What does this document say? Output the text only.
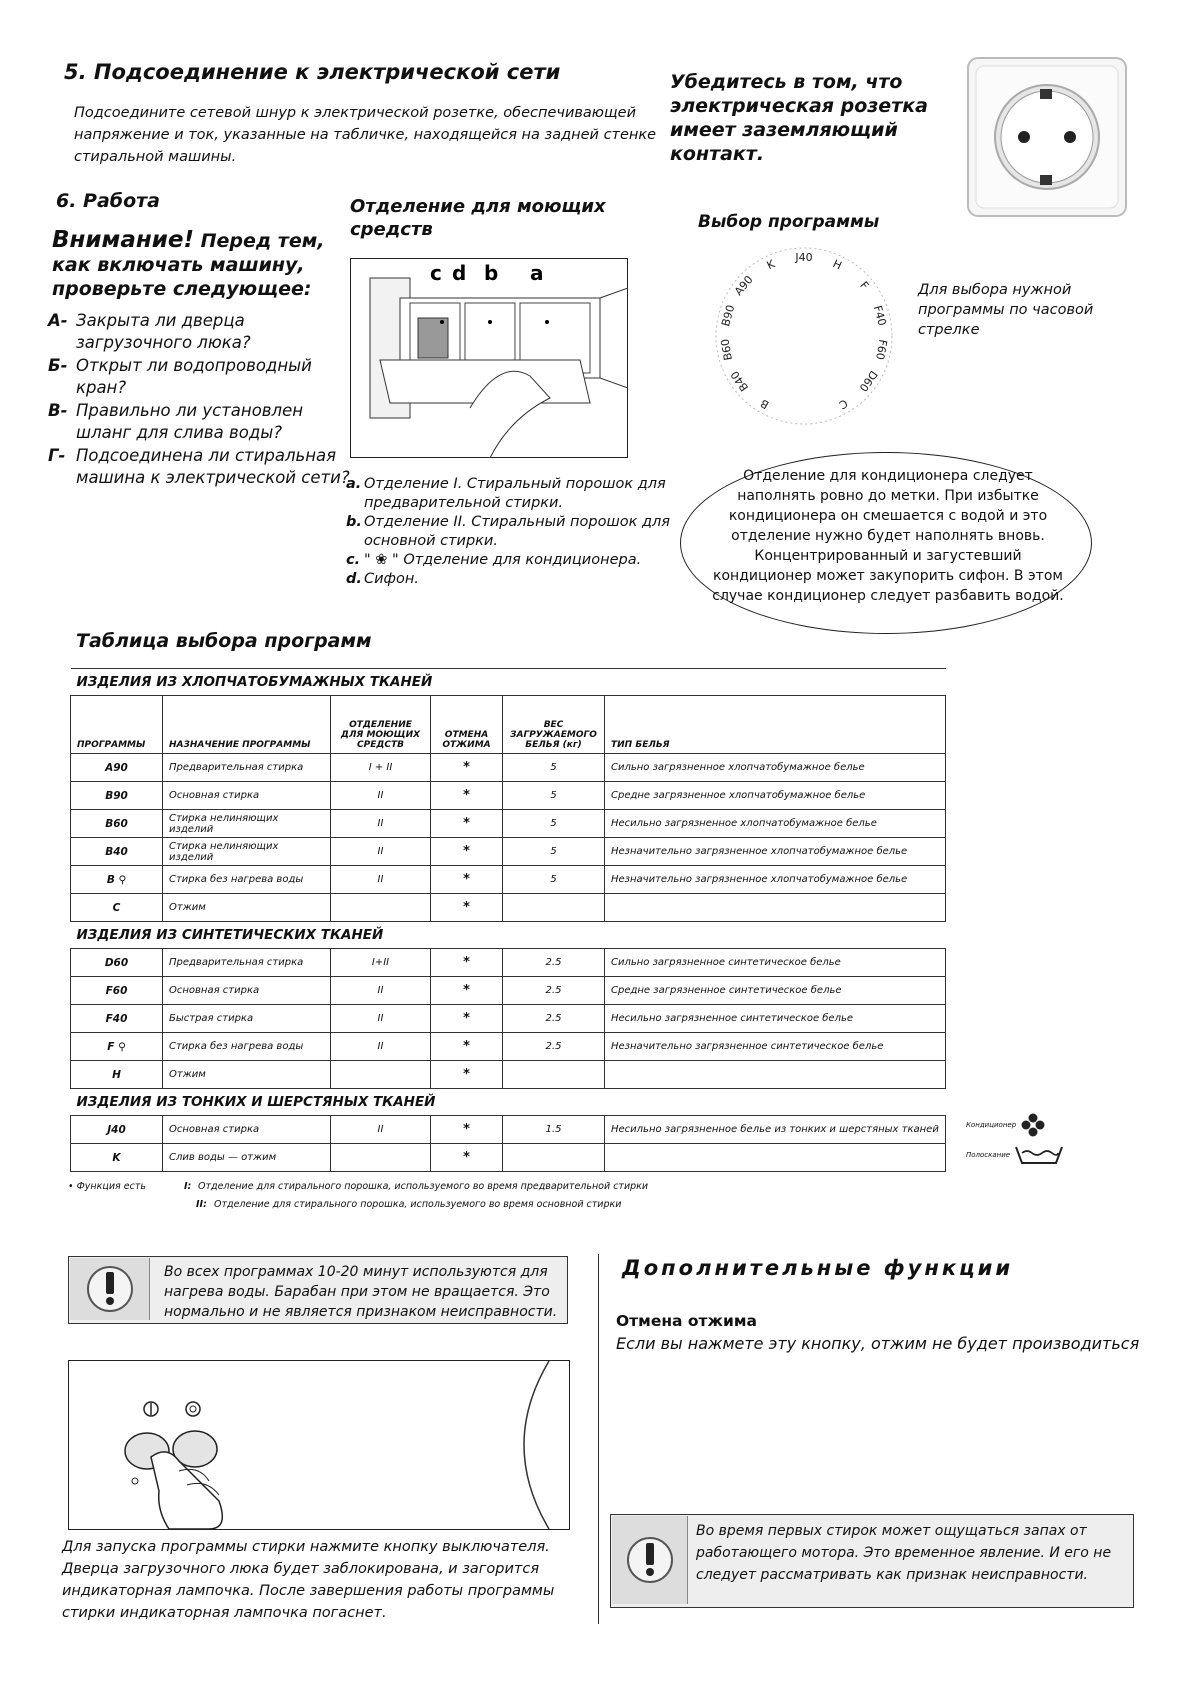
5. Подсоединение к электрической сети
Подсоедините сетевой шнур к электрической розетке, обеспечивающей напряжение и ток, указанные на табличке, находящейся на задней стенке стиральной машины.
Убедитесь в том, что электрическая розетка имеет заземляющий контакт.
6. Работа
Внимание! Перед тем, как включать машину, проверьте следующее:
А- Закрыта ли дверца загрузочного люка?
Б- Открыт ли водопроводный кран?
В- Правильно ли установлен шланг для слива воды?
Г- Подсоединена ли стиральная машина к электрической сети?
Отделение для моющих средств
c d b a
a. Отделение I. Стиральный порошок для предварительной стирки.
b. Отделение II. Стиральный порошок для основной стирки.
c. " ❀ " Отделение для кондиционера.
d. Сифон.
Выбор программы
B
B40
B60
B90
A90
K J40 H
F
F40
F60
D60
C
Для выбора нужной программы по часовой стрелке
Отделение для кондиционера следует наполнять ровно до метки. При избытке кондиционера он смешается с водой и это отделение нужно будет наполнять вновь. Концентрированный и загустевший кондиционер может закупорить сифон. В этом случае кондиционер следует разбавить водой.
Таблица выбора программ
ИЗДЕЛИЯ ИЗ ХЛОПЧАТОБУМАЖНЫХ ТКАНЕЙ					
ПРОГРАММЫ	НАЗНАЧЕНИЕ ПРОГРАММЫ	ОТДЕЛЕНИЕ ДЛЯ МОЮЩИХ СРЕДСТВ	ОТМЕНА ОТЖИМА	ВЕС ЗАГРУЖАЕМОГО БЕЛЬЯ (кг)	ТИП БЕЛЬЯ
A90	Предварительная стирка	I + II	*	5	Сильно загрязненное хлопчатобумажное белье
B90	Основная стирка	II	*	5	Средне загрязненное хлопчатобумажное белье
B60	Стирка нелиняющих изделий	II	*	5	Несильно загрязненное хлопчатобумажное белье
B40	Стирка нелиняющих изделий	II	*	5	Незначительно загрязненное хлопчатобумажное белье
B ⚲	Стирка без нагрева воды	II	*	5	Незначительно загрязненное хлопчатобумажное белье
C	Отжим		*		
ИЗДЕЛИЯ ИЗ СИНТЕТИЧЕСКИХ ТКАНЕЙ					
D60	Предварительная стирка	I+II	*	2.5	Сильно загрязненное синтетическое белье
F60	Основная стирка	II	*	2.5	Средне загрязненное синтетическое белье
F40	Быстрая стирка	II	*	2.5	Несильно загрязненное синтетическое белье
F ⚲	Стирка без нагрева воды	II	*	2.5	Незначительно загрязненное синтетическое белье
H	Отжим		*		
ИЗДЕЛИЯ ИЗ ТОНКИХ И ШЕРСТЯНЫХ ТКАНЕЙ					
J40	Основная стирка	II	*	1.5	Несильно загрязненное белье из тонких и шерстяных тканей
K	Слив воды — отжим		*		
Кондиционер
Полоскание
• Функция есть	I: Отделение для стирального порошка, используемого во время предварительной стирки
II: Отделение для стирального порошка, используемого во время основной стирки
Во всех программах 10-20 минут используются для нагрева воды. Барабан при этом не вращается. Это нормально и не является признаком неисправности.
Дополнительные функции
Отмена отжима
Если вы нажмете эту кнопку, отжим не будет производиться
Для запуска программы стирки нажмите кнопку выключателя. Дверца загрузочного люка будет заблокирована, и загорится индикаторная лампочка. После завершения работы программы стирки индикаторная лампочка погаснет.
Во время первых стирок может ощущаться запах от работающего мотора. Это временное явление. И его не следует рассматривать как признак неисправности.
